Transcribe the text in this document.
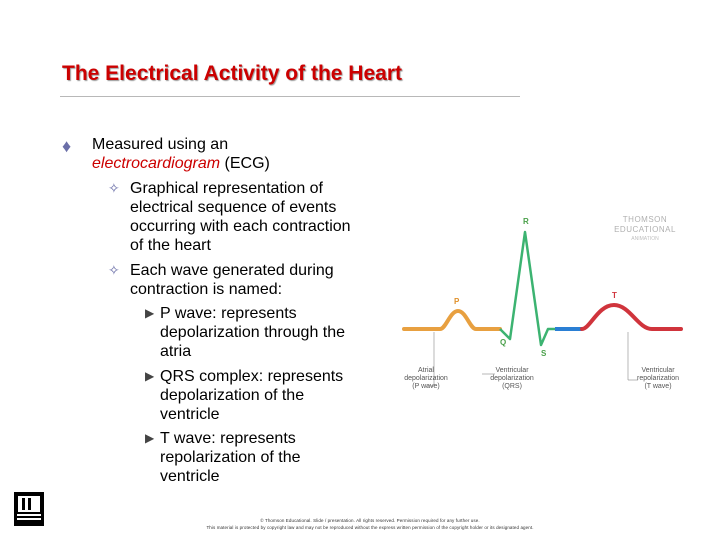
The Electrical Activity of the Heart
♦ Measured using an
electrocardiogram (ECG)
✧ Graphical representation of
electrical sequence of events
occurring with each contraction
of the heart
✧ Each wave generated during
contraction is named:
▶ P wave: represents
depolarization through the
atria
▶ QRS complex: represents
depolarization of the
ventricle
▶ T wave: represents
repolarization of the
ventricle
THOMSON
EDUCATIONAL
ANIMATION
R
P
Q
S
T
Atrial
depolarization
(P wave)
Ventricular
depolarization
(QRS)
Ventricular
repolarization
(T wave)
© Thomson Educational. Slide / presentation. All rights reserved. Permission required for any further use.
This material is protected by copyright law and may not be reproduced without the express written permission of the copyright holder or its designated agent.
